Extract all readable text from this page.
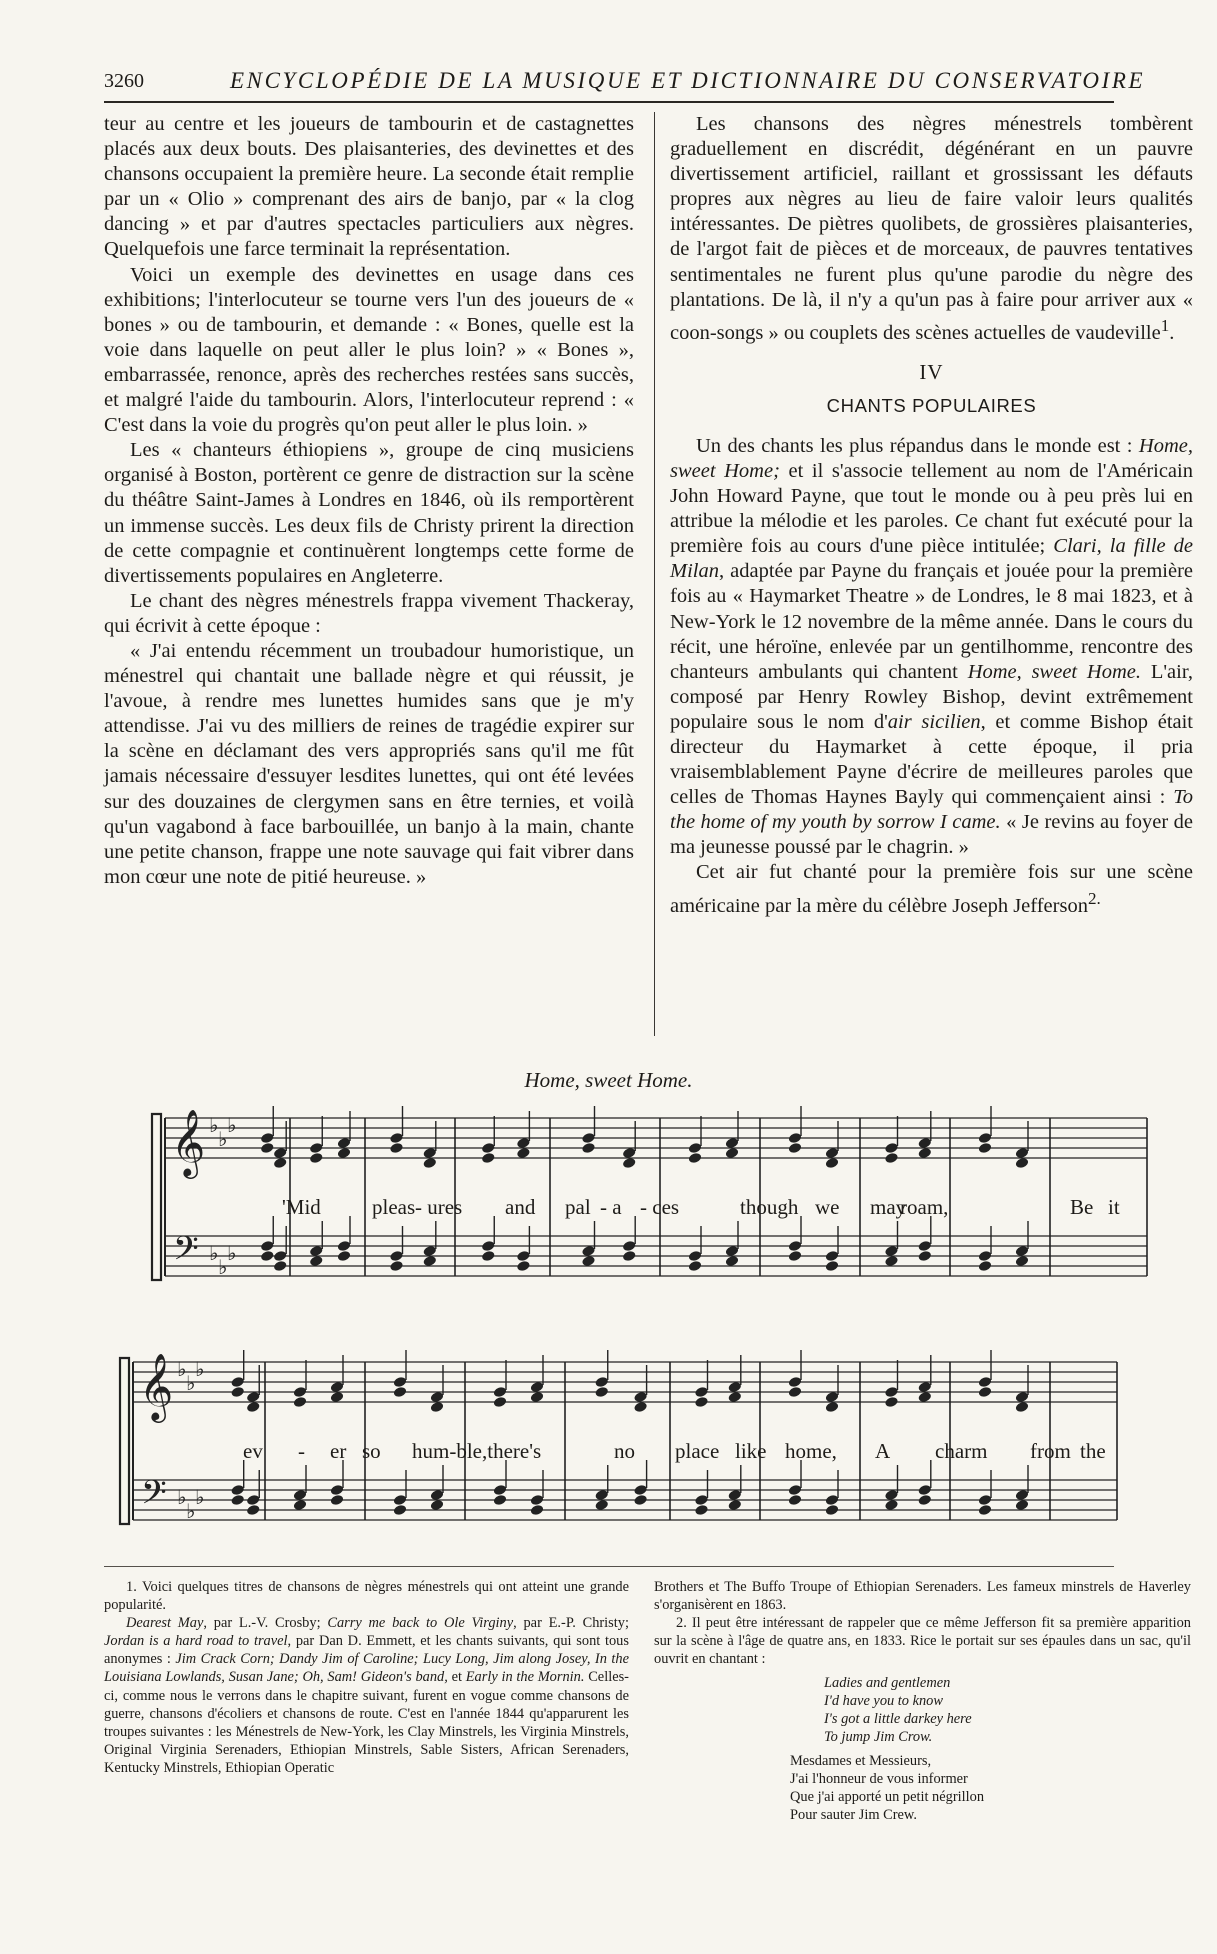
3260	ENCYCLOPÉDIE DE LA MUSIQUE ET DICTIONNAIRE DU CONSERVATOIRE

teur au centre et les joueurs de tambourin et de castagnettes placés aux deux bouts. Des plaisanteries, des devinettes et des chansons occupaient la première heure. La seconde était remplie par un « Olio » comprenant des airs de banjo, par « la clog dancing » et par d'autres spectacles particuliers aux nègres. Quelquefois une farce terminait la représentation.

Voici un exemple des devinettes en usage dans ces exhibitions; l'interlocuteur se tourne vers l'un des joueurs de « bones » ou de tambourin, et demande : « Bones, quelle est la voie dans laquelle on peut aller le plus loin? » « Bones », embarrassée, renonce, après des recherches restées sans succès, et malgré l'aide du tambourin. Alors, l'interlocuteur reprend : « C'est dans la voie du progrès qu'on peut aller le plus loin. »

Les « chanteurs éthiopiens », groupe de cinq musiciens organisé à Boston, portèrent ce genre de distraction sur la scène du théâtre Saint-James à Londres en 1846, où ils remportèrent un immense succès. Les deux fils de Christy prirent la direction de cette compagnie et continuèrent longtemps cette forme de divertissements populaires en Angleterre.

Le chant des nègres ménestrels frappa vivement Thackeray, qui écrivit à cette époque :

« J'ai entendu récemment un troubadour humoristique, un ménestrel qui chantait une ballade nègre et qui réussit, je l'avoue, à rendre mes lunettes humides sans que je m'y attendisse. J'ai vu des milliers de reines de tragédie expirer sur la scène en déclamant des vers appropriés sans qu'il me fût jamais nécessaire d'essuyer lesdites lunettes, qui ont été levées sur des douzaines de clergymen sans en être ternies, et voilà qu'un vagabond à face barbouillée, un banjo à la main, chante une petite chanson, frappe une note sauvage qui fait vibrer dans mon cœur une note de pitié heureuse. »

Les chansons des nègres ménestrels tombèrent graduellement en discrédit, dégénérant en un pauvre divertissement artificiel, raillant et grossissant les défauts propres aux nègres au lieu de faire valoir leurs qualités intéressantes. De piètres quolibets, de grossières plaisanteries, de l'argot fait de pièces et de morceaux, de pauvres tentatives sentimentales ne furent plus qu'une parodie du nègre des plantations. De là, il n'y a qu'un pas à faire pour arriver aux « coon-songs » ou couplets des scènes actuelles de vaudeville$^1$.

IV
CHANTS POPULAIRES

Un des chants les plus répandus dans le monde est : Home, sweet Home; et il s'associe tellement au nom de l'Américain John Howard Payne, que tout le monde ou à peu près lui en attribue la mélodie et les paroles. Ce chant fut exécuté pour la première fois au cours d'une pièce intitulée; Clari, la fille de Milan, adaptée par Payne du français et jouée pour la première fois au « Haymarket Theatre » de Londres, le 8 mai 1823, et à New-York le 12 novembre de la même année. Dans le cours du récit, une héroïne, enlevée par un gentilhomme, rencontre des chanteurs ambulants qui chantent Home, sweet Home. L'air, composé par Henry Rowley Bishop, devint extrêmement populaire sous le nom d'air sicilien, et comme Bishop était directeur du Haymarket à cette époque, il pria vraisemblablement Payne d'écrire de meilleures paroles que celles de Thomas Haynes Bayly qui commençaient ainsi : To the home of my youth by sorrow I came. « Je revins au foyer de ma jeunesse poussé par le chagrin. »

Cet air fut chanté pour la première fois sur une scène américaine par la mère du célèbre Joseph Jefferson$^{2.}$

Home, sweet Home.
𝄞
𝄢
♭
♭
♭
♭
♭
♭
'Mid pleas - ures and pal - a - ces	though we may
roam,	Be it
𝄞
𝄢
♭
♭
♭
♭
♭
♭
ev - er so hum-ble,there's	no place like home, A charm from the

1. Voici quelques titres de chansons de nègres ménestrels qui ont atteint une grande popularité.

Dearest May, par L.-V. Crosby; Carry me back to Ole Virginy, par E.-P. Christy; Jordan is a hard road to travel, par Dan D. Emmett, et les chants suivants, qui sont tous anonymes : Jim Crack Corn; Dandy Jim of Caroline; Lucy Long, Jim along Josey, In the Louisiana Lowlands, Susan Jane; Oh, Sam! Gideon's band, et Early in the Mornin. Celles-ci, comme nous le verrons dans le chapitre suivant, furent en vogue comme chansons de guerre, chansons d'écoliers et chansons de route. C'est en l'année 1844 qu'apparurent les troupes suivantes : les Ménestrels de New-York, les Clay Minstrels, les Virginia Minstrels, Original Virginia Serenaders, Ethiopian Minstrels, Sable Sisters, African Serenaders, Kentucky Minstrels, Ethiopian Operatic

Brothers et The Buffo Troupe of Ethiopian Serenaders. Les fameux minstrels de Haverley s'organisèrent en 1863.

2. Il peut être intéressant de rappeler que ce même Jefferson fit sa première apparition sur la scène à l'âge de quatre ans, en 1833. Rice le portait sur ses épaules dans un sac, qu'il ouvrit en chantant :

Ladies and gentlemen
I'd have you to know
I's got a little darkey here
To jump Jim Crow.
Mesdames et Messieurs,
J'ai l'honneur de vous informer
Que j'ai apporté un petit négrillon
Pour sauter Jim Crew.
